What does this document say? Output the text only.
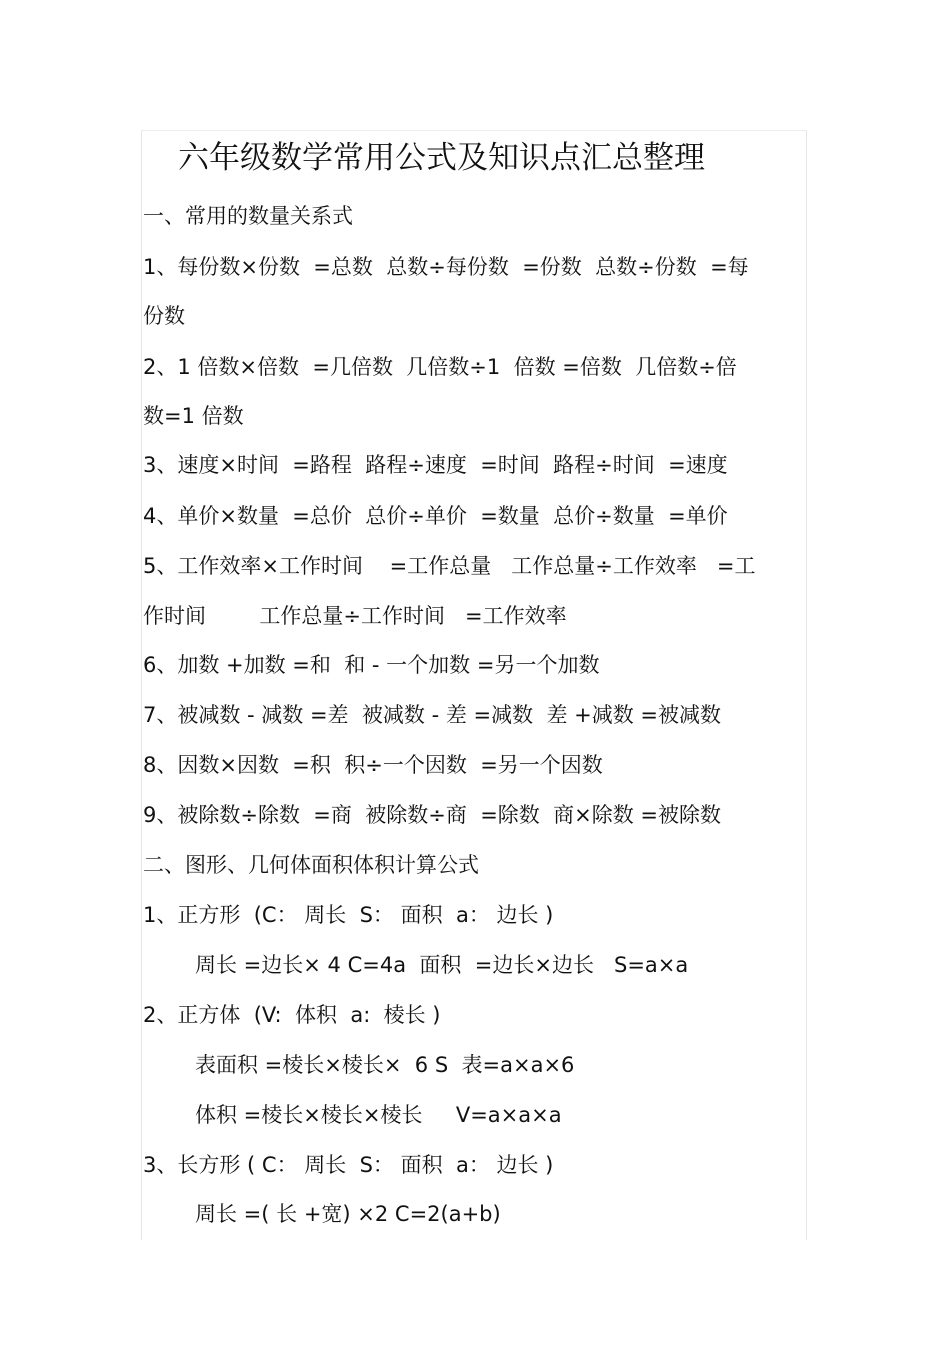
六年级数学常用公式及知识点汇总整理
一、常用的数量关系式
1、每份数×份数  =总数  总数÷每份数  =份数  总数÷份数  =每
份数
2、1 倍数×倍数  =几倍数  几倍数÷1  倍数 =倍数  几倍数÷倍
数=1 倍数
3、速度×时间  =路程  路程÷速度  =时间  路程÷时间  =速度
4、单价×数量  =总价  总价÷单价  =数量  总价÷数量  =单价
5、工作效率×工作时间    =工作总量   工作总量÷工作效率   =工
作时间        工作总量÷工作时间   =工作效率
6、加数 +加数 =和  和 - 一个加数 =另一个加数
7、被减数 - 减数 =差  被减数 - 差 =减数  差 +减数 =被减数
8、因数×因数  =积  积÷一个因数  =另一个因数
9、被除数÷除数  =商  被除数÷商  =除数  商×除数 =被除数
二、图形、几何体面积体积计算公式
1、正方形  (C： 周长  S： 面积  a： 边长 )
周长 =边长× 4 C=4a  面积  =边长×边长   S=a×a
2、正方体  (V:  体积  a:  棱长 )
表面积 =棱长×棱长×  6 S  表=a×a×6
体积 =棱长×棱长×棱长     V=a×a×a
3、长方形 ( C： 周长  S： 面积  a： 边长 )
周长 =( 长 +宽) ×2 C=2(a+b)
